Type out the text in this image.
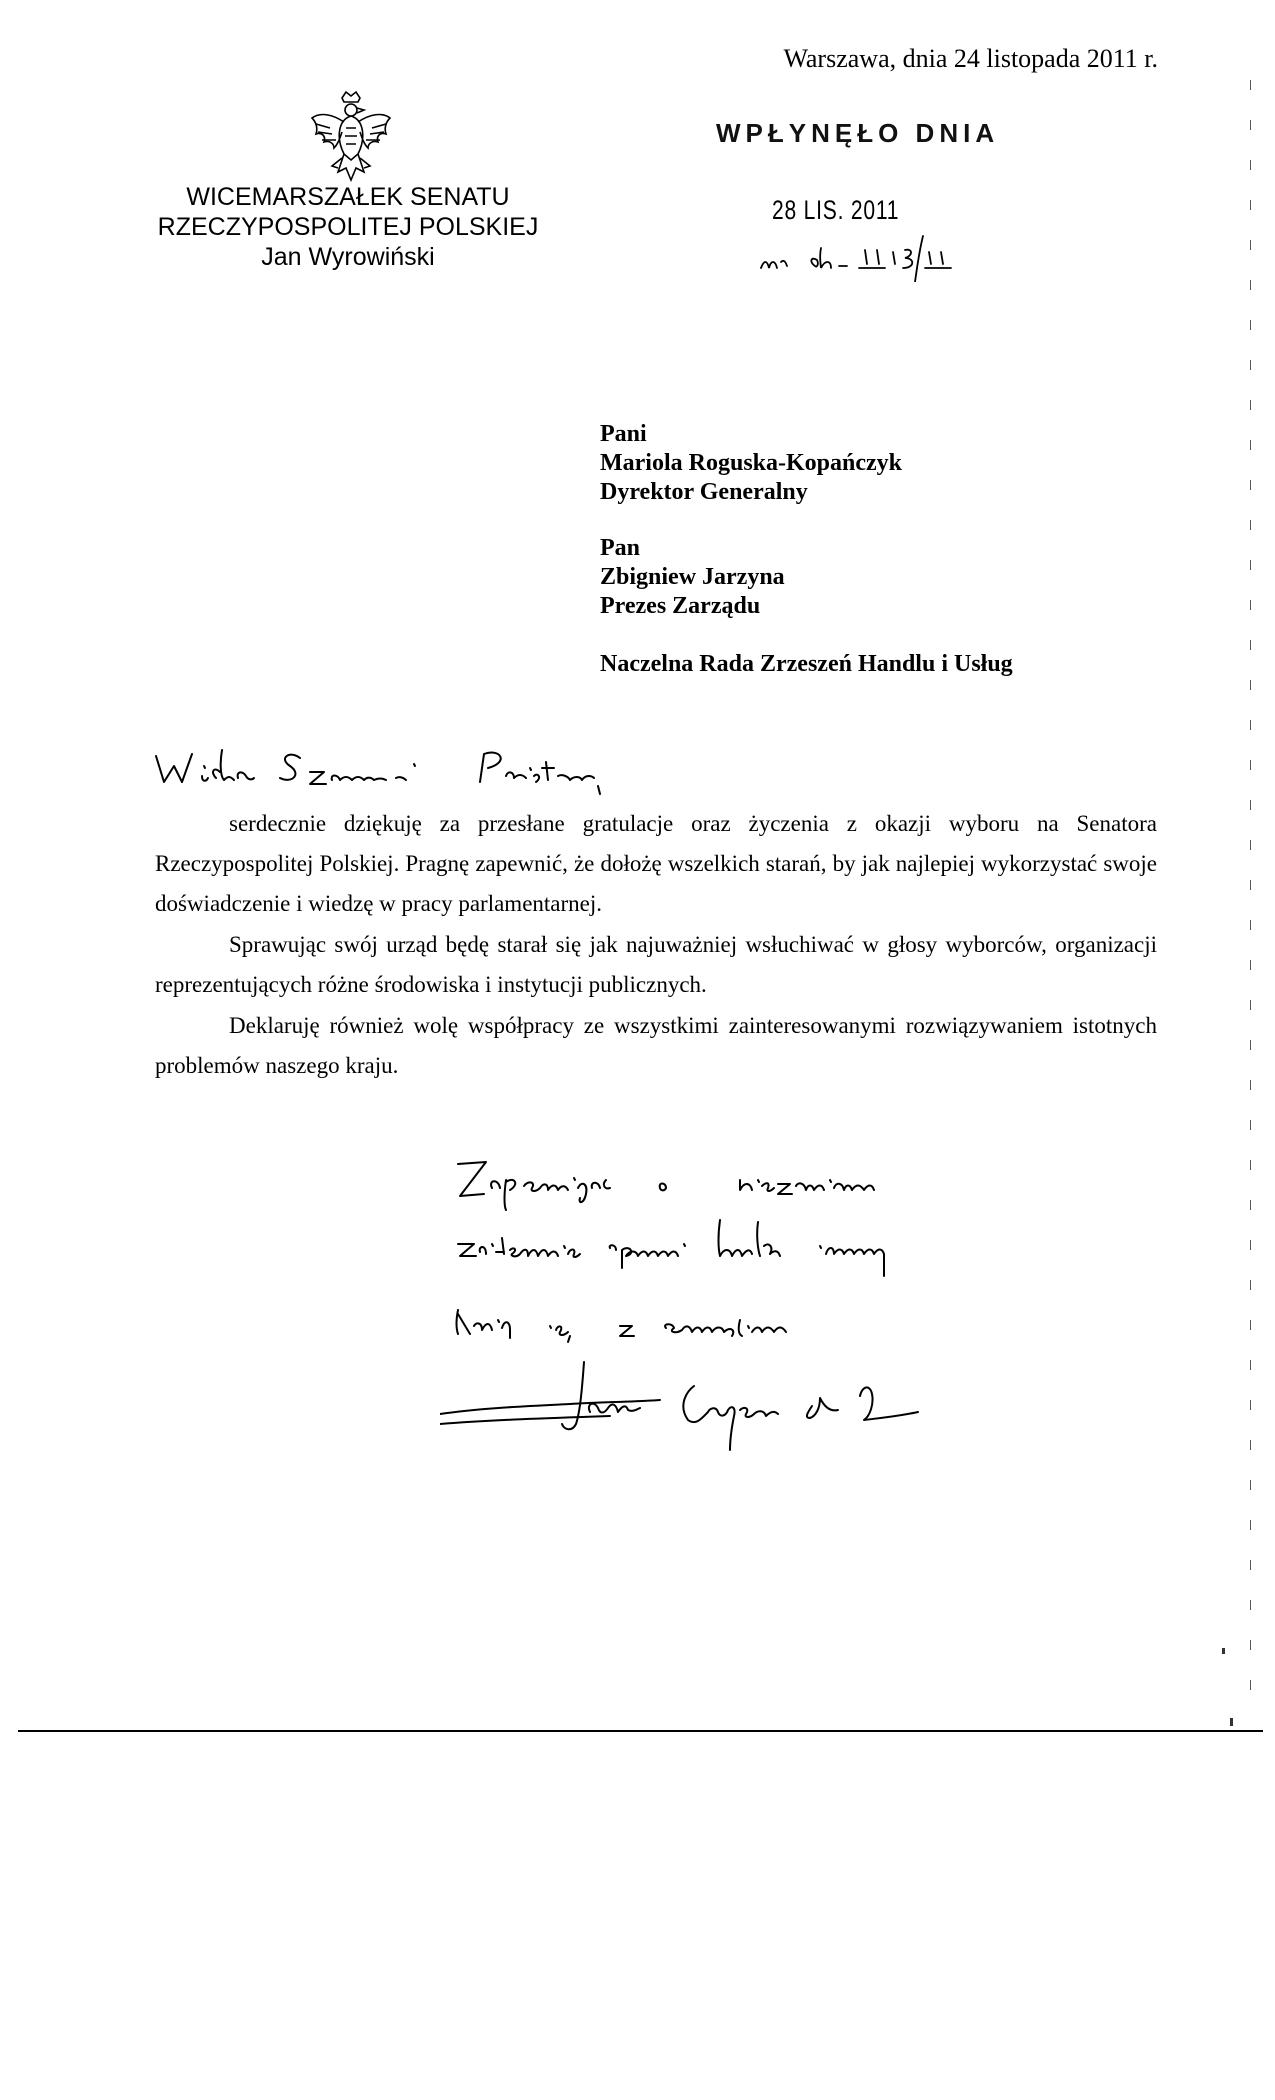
Warszawa, dnia 24 listopada 2011 r.
WICEMARSZAŁEK SENATU
RZECZYPOSPOLITEJ POLSKIEJ
Jan Wyrowiński
WPŁYNĘŁO DNIA
28 LIS. 2011
Pani
Mariola Roguska-Kopańczyk
Dyrektor Generalny
Pan
Zbigniew Jarzyna
Prezes Zarządu
Naczelna Rada Zrzeszeń Handlu i Usług

serdecznie dziękuję za przesłane gratulacje oraz życzenia z okazji wyboru na Senatora Rzeczypospolitej Polskiej. Pragnę zapewnić, że dołożę wszelkich starań, by jak najlepiej wykorzystać swoje doświadczenie i wiedzę w pracy parlamentarnej.

Sprawując swój urząd będę starał się jak najuważniej wsłuchiwać w głosy wyborców, organizacji reprezentujących różne środowiska i instytucji publicznych.

Deklaruję również wolę współpracy ze wszystkimi zainteresowanymi rozwiązywaniem istotnych problemów naszego kraju.
